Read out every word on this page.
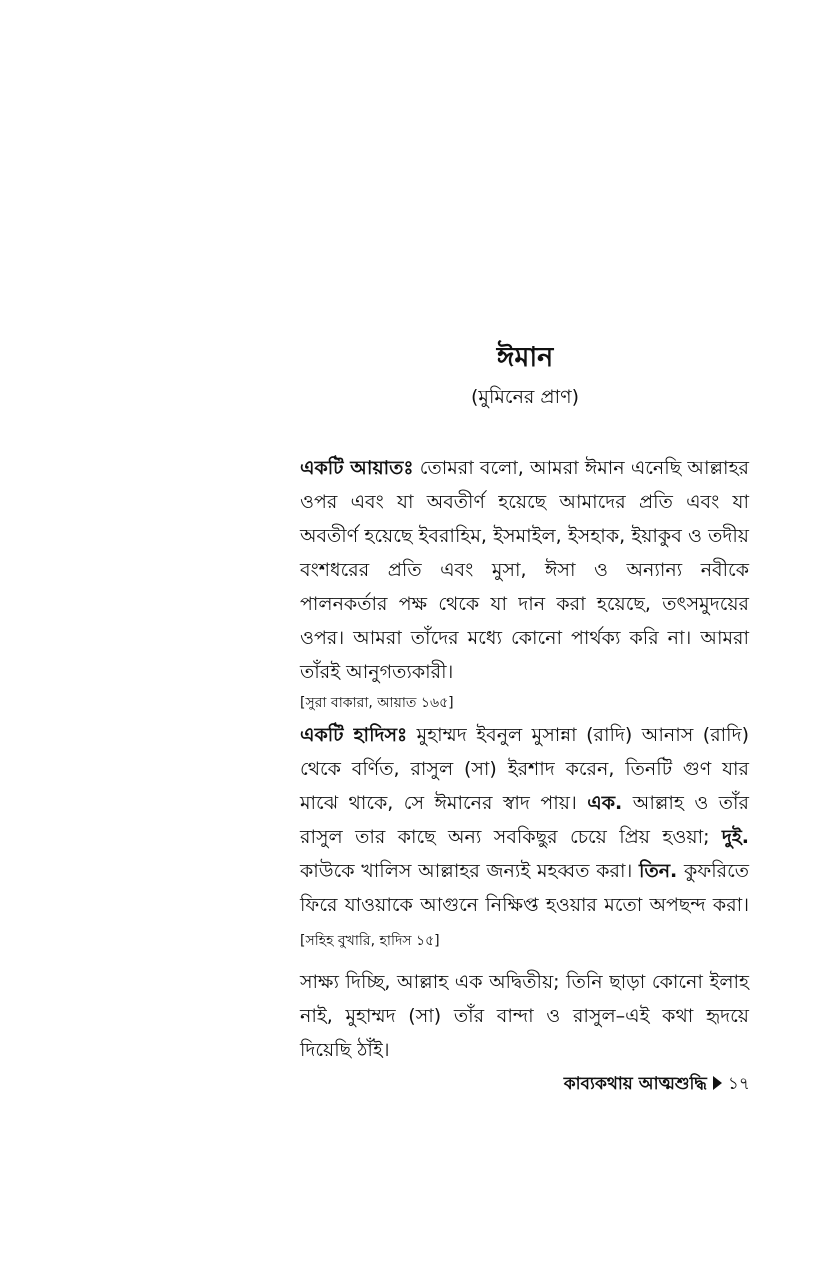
ঈমান

(মুমিনের প্রাণ)

একটি আয়াতঃ তোমরা বলো, আমরা ঈমান এনেছি আল্লাহর ওপর এবং যা অবতীর্ণ হয়েছে আমাদের প্রতি এবং যা অবতীর্ণ হয়েছে ইবরাহিম, ইসমাইল, ইসহাক, ইয়াকুব ও তদীয় বংশধরের প্রতি এবং মুসা, ঈসা ও অন্যান্য নবীকে পালনকর্তার পক্ষ থেকে যা দান করা হয়েছে, তৎসমুদয়ের ওপর। আমরা তাঁদের মধ্যে কোনো পার্থক্য করি না। আমরা তাঁরই আনুগত্যকারী।

[সুরা বাকারা, আয়াত ১৬৫]

একটি হাদিসঃ মুহাম্মদ ইবনুল মুসান্না (রাদি) আনাস (রাদি) থেকে বর্ণিত, রাসুল (সা) ইরশাদ করেন, তিনটি গুণ যার মাঝে থাকে, সে ঈমানের স্বাদ পায়। এক. আল্লাহ ও তাঁর রাসুল তার কাছে অন্য সবকিছুর চেয়ে প্রিয় হওয়া; দুই. কাউকে খালিস আল্লাহর জন্যই মহব্বত করা। তিন. কুফরিতে ফিরে যাওয়াকে আগুনে নিক্ষিপ্ত হওয়ার মতো অপছন্দ করা। [সহিহ বুখারি, হাদিস ১৫]

সাক্ষ্য দিচ্ছি, আল্লাহ এক অদ্বিতীয়; তিনি ছাড়া কোনো ইলাহ নাই, মুহাম্মদ (সা) তাঁর বান্দা ও রাসুল–এই কথা হৃদয়ে দিয়েছি ঠাঁই।

কাব্যকথায় আত্মশুদ্ধি ১৭
